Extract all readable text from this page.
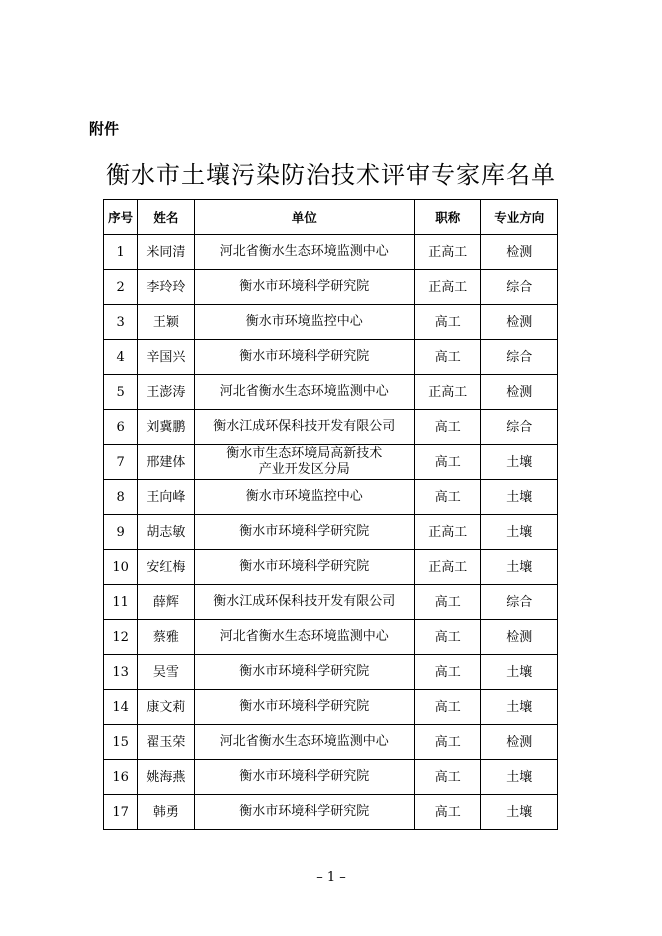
附件
衡水市土壤污染防治技术评审专家库名单
序号	姓名	单位	职称	专业方向
1	米同清	河北省衡水生态环境监测中心	正高工	检测
2	李玲玲	衡水市环境科学研究院	正高工	综合
3	王颖	衡水市环境监控中心	高工	检测
4	辛国兴	衡水市环境科学研究院	高工	综合
5	王澎涛	河北省衡水生态环境监测中心	正高工	检测
6	刘冀鹏	衡水江成环保科技开发有限公司	高工	综合
7	邢建体	衡水市生态环境局高新技术
产业开发区分局	高工	土壤
8	王向峰	衡水市环境监控中心	高工	土壤
9	胡志敏	衡水市环境科学研究院	正高工	土壤
10	安红梅	衡水市环境科学研究院	正高工	土壤
11	薛辉	衡水江成环保科技开发有限公司	高工	综合
12	蔡雅	河北省衡水生态环境监测中心	高工	检测
13	吴雪	衡水市环境科学研究院	高工	土壤
14	康文莉	衡水市环境科学研究院	高工	土壤
15	翟玉荣	河北省衡水生态环境监测中心	高工	检测
16	姚海燕	衡水市环境科学研究院	高工	土壤
17	韩勇	衡水市环境科学研究院	高工	土壤
– 1 –
